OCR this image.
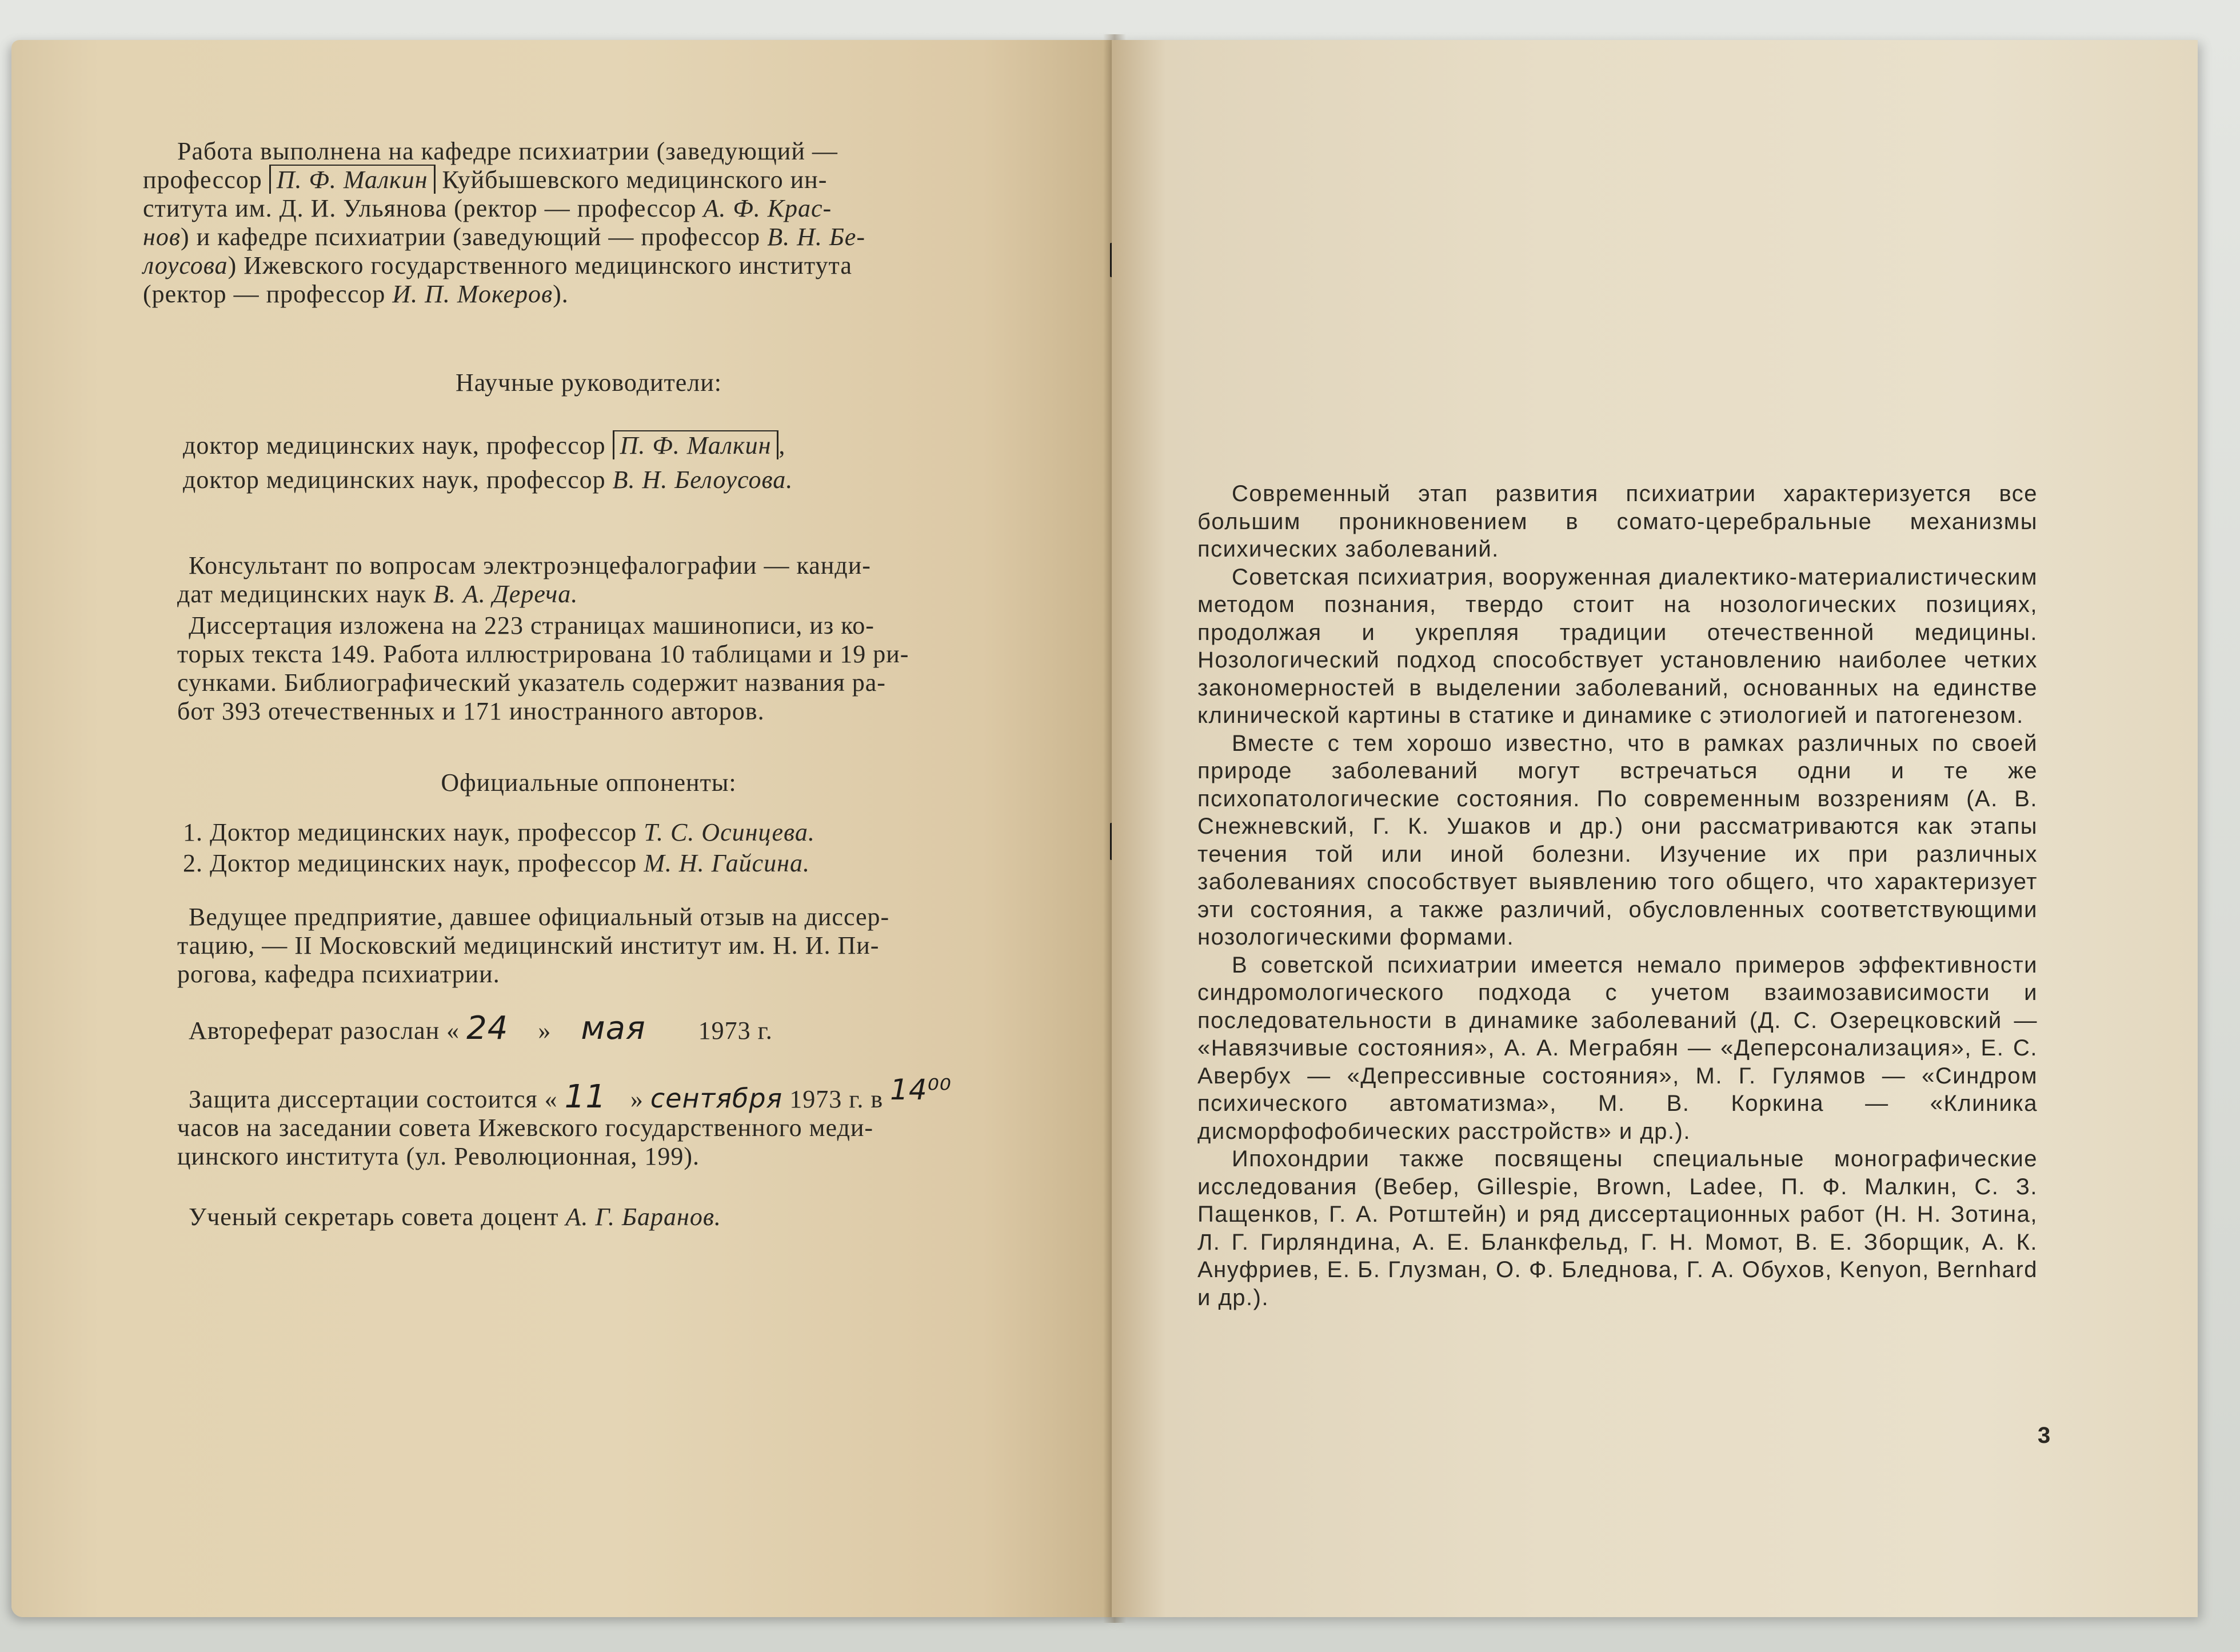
Работа выполнена на кафедре психиатрии (заведующий —

профессор П. Ф. Малкин Куйбышевского медицинского ин-

ститута им. Д. И. Ульянова (ректор — профессор А. Ф. Крас-

нов) и кафедре психиатрии (заведующий — профессор В. Н. Бе-

лоусова) Ижевского государственного медицинского института

(ректор — профессор И. П. Мокеров).

Научные руководители:

доктор медицинских наук, профессор П. Ф. Малкин ,

доктор медицинских наук, профессор В. Н. Белоусова.

Консультант по вопросам электроэнцефалографии — канди-

дат медицинских наук В. А. Дереча.

Диссертация изложена на 223 страницах машинописи, из ко-

торых текста 149. Работа иллюстрирована 10 таблицами и 19 ри-

сунками. Библиографический указатель содержит названия ра-

бот 393 отечественных и 171 иностранного авторов.

Официальные оппоненты:

1. Доктор медицинских наук, профессор Т. С. Осинцева.

2. Доктор медицинских наук, профессор М. Н. Гайсина.

Ведущее предприятие, давшее официальный отзыв на диссер-

тацию, — II Московский медицинский институт им. Н. И. Пи-

рогова, кафедра психиатрии.

Автореферат разослан « 24 » мая 1973 г.

Защита диссертации состоится « 11 » сентября 1973 г. в 14⁰⁰

часов на заседании совета Ижевского государственного меди-

цинского института (ул. Революционная, 199).

Ученый секретарь совета доцент А. Г. Баранов.

Современный этап развития психиатрии характеризуется все большим проникновением в сомато-церебральные механизмы психических заболеваний.

Советская психиатрия, вооруженная диалектико-материалистическим методом познания, твердо стоит на нозологических позициях, продолжая и укрепляя традиции отечественной медицины. Нозологический подход способствует установлению наиболее четких закономерностей в выделении заболеваний, основанных на единстве клинической картины в статике и динамике с этиологией и патогенезом.

Вместе с тем хорошо известно, что в рамках различных по своей природе заболеваний могут встречаться одни и те же психопатологические состояния. По современным воззрениям (А. В. Снежневский, Г. К. Ушаков и др.) они рассматриваются как этапы течения той или иной болезни. Изучение их при различных заболеваниях способствует выявлению того общего, что характеризует эти состояния, а также различий, обусловленных соответствующими нозологическими формами.

В советской психиатрии имеется немало примеров эффективности синдромологического подхода с учетом взаимозависимости и последовательности в динамике заболеваний (Д. С. Озерецковский — «Навязчивые состояния», А. А. Меграбян — «Деперсонализация», Е. С. Авербух — «Депрессивные состояния», М. Г. Гулямов — «Синдром психического автоматизма», М. В. Коркина — «Клиника дисморфофобических расстройств» и др.).

Ипохондрии также посвящены специальные монографические исследования (Вебер, Gillespie, Brown, Ladee, П. Ф. Малкин, С. З. Пащенков, Г. А. Ротштейн) и ряд диссертационных работ (Н. Н. Зотина, Л. Г. Гирляндина, А. Е. Бланкфельд, Г. Н. Момот, В. Е. Зборщик, А. К. Ануфриев, Е. Б. Глузман, О. Ф. Бледнова, Г. А. Обухов, Kenyon, Bernhard и др.).

3
